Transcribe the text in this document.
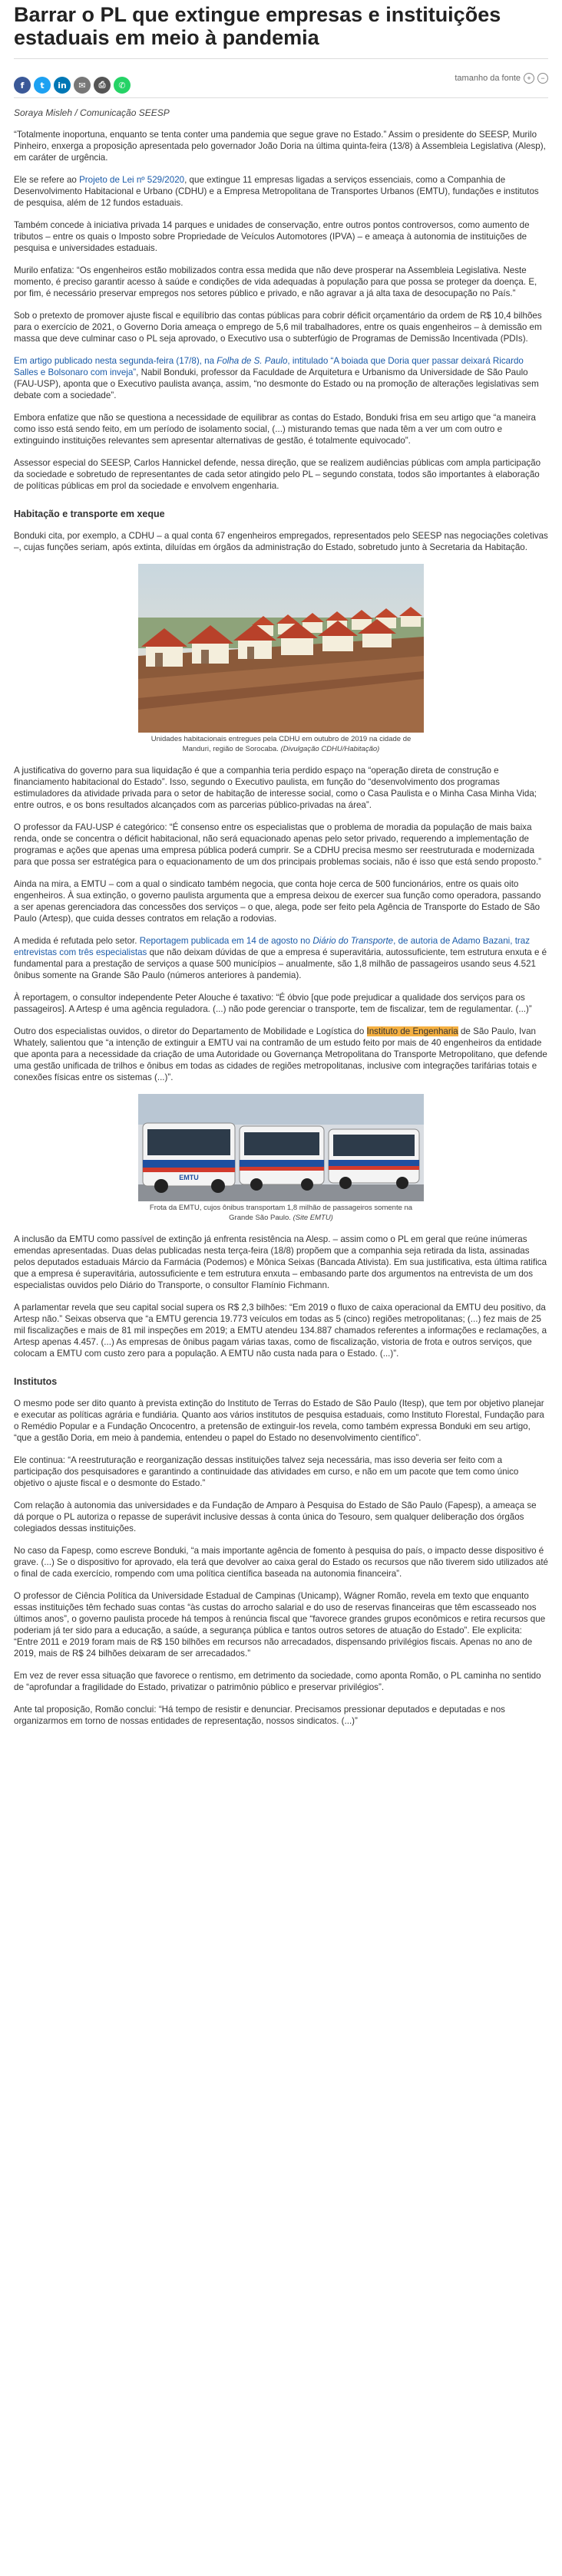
Barrar o PL que extingue empresas e instituições estaduais em meio à pandemia
f	t	in	✉	⎙	✆
tamanho da fonte +	−
Soraya Misleh / Comunicação SEESP

“Totalmente inoportuna, enquanto se tenta conter uma pandemia que segue grave no Estado.” Assim o presidente do SEESP, Murilo Pinheiro, enxerga a proposição apresentada pelo governador João Doria na última quinta-feira (13/8) à Assembleia Legislativa (Alesp), em caráter de urgência.

Ele se refere ao Projeto de Lei nº 529/2020, que extingue 11 empresas ligadas a serviços essenciais, como a Companhia de Desenvolvimento Habitacional e Urbano (CDHU) e a Empresa Metropolitana de Transportes Urbanos (EMTU), fundações e institutos de pesquisa, além de 12 fundos estaduais.

Também concede à iniciativa privada 14 parques e unidades de conservação, entre outros pontos controversos, como aumento de tributos – entre os quais o Imposto sobre Propriedade de Veículos Automotores (IPVA) – e ameaça à autonomia de instituições de pesquisa e universidades estaduais.

Murilo enfatiza: “Os engenheiros estão mobilizados contra essa medida que não deve prosperar na Assembleia Legislativa. Neste momento, é preciso garantir acesso à saúde e condições de vida adequadas à população para que possa se proteger da doença. E, por fim, é necessário preservar empregos nos setores público e privado, e não agravar a já alta taxa de desocupação no País.”

Sob o pretexto de promover ajuste fiscal e equilíbrio das contas públicas para cobrir déficit orçamentário da ordem de R$ 10,4 bilhões para o exercício de 2021, o Governo Doria ameaça o emprego de 5,6 mil trabalhadores, entre os quais engenheiros – à demissão em massa que deve culminar caso o PL seja aprovado, o Executivo usa o subterfúgio de Programas de Demissão Incentivada (PDIs).

Em artigo publicado nesta segunda-feira (17/8), na Folha de S. Paulo, intitulado “A boiada que Doria quer passar deixará Ricardo Salles e Bolsonaro com inveja”, Nabil Bonduki, professor da Faculdade de Arquitetura e Urbanismo da Universidade de São Paulo (FAU-USP), aponta que o Executivo paulista avança, assim, “no desmonte do Estado ou na promoção de alterações legislativas sem debate com a sociedade”.

Embora enfatize que não se questiona a necessidade de equilibrar as contas do Estado, Bonduki frisa em seu artigo que “a maneira como isso está sendo feito, em um período de isolamento social, (...) misturando temas que nada têm a ver um com outro e extinguindo instituições relevantes sem apresentar alternativas de gestão, é totalmente equivocado”.

Assessor especial do SEESP, Carlos Hannickel defende, nessa direção, que se realizem audiências públicas com ampla participação da sociedade e sobretudo de representantes de cada setor atingido pelo PL – segundo constata, todos são importantes à elaboração de políticas públicas em prol da sociedade e envolvem engenharia.

Habitação e transporte em xeque

Bonduki cita, por exemplo, a CDHU – a qual conta 67 engenheiros empregados, representados pelo SEESP nas negociações coletivas –, cujas funções seriam, após extinta, diluídas em órgãos da administração do Estado, sobretudo junto à Secretaria da Habitação.

Unidades habitacionais entregues pela CDHU em outubro de 2019 na cidade de Manduri, região de Sorocaba. (Divulgação CDHU/Habitação)

A justificativa do governo para sua liquidação é que a companhia teria perdido espaço na “operação direta de construção e financiamento habitacional do Estado”. Isso, segundo o Executivo paulista, em função do “desenvolvimento dos programas estimuladores da atividade privada para o setor de habitação de interesse social, como o Casa Paulista e o Minha Casa Minha Vida; entre outros, e os bons resultados alcançados com as parcerias público-privadas na área”.

O professor da FAU-USP é categórico: “É consenso entre os especialistas que o problema de moradia da população de mais baixa renda, onde se concentra o déficit habitacional, não será equacionado apenas pelo setor privado, requerendo a implementação de programas e ações que apenas uma empresa pública poderá cumprir. Se a CDHU precisa mesmo ser reestruturada e modernizada para que possa ser estratégica para o equacionamento de um dos principais problemas sociais, não é isso que está sendo proposto.”

Ainda na mira, a EMTU – com a qual o sindicato também negocia, que conta hoje cerca de 500 funcionários, entre os quais oito engenheiros. À sua extinção, o governo paulista argumenta que a empresa deixou de exercer sua função como operadora, passando a ser apenas gerenciadora das concessões dos serviços – o que, alega, pode ser feito pela Agência de Transporte do Estado de São Paulo (Artesp), que cuida desses contratos em relação a rodovias.

A medida é refutada pelo setor. Reportagem publicada em 14 de agosto no Diário do Transporte, de autoria de Adamo Bazani, traz entrevistas com três especialistas que não deixam dúvidas de que a empresa é superavitária, autossuficiente, tem estrutura enxuta e é fundamental para a prestação de serviços a quase 500 municípios – anualmente, são 1,8 milhão de passageiros usando seus 4.521 ônibus somente na Grande São Paulo (números anteriores à pandemia).

À reportagem, o consultor independente Peter Alouche é taxativo: “É óbvio [que pode prejudicar a qualidade dos serviços para os passageiros]. A Artesp é uma agência reguladora. (...) não pode gerenciar o transporte, tem de fiscalizar, tem de regulamentar. (...)”

Outro dos especialistas ouvidos, o diretor do Departamento de Mobilidade e Logística do Instituto de Engenharia de São Paulo, Ivan Whately, salientou que “a intenção de extinguir a EMTU vai na contramão de um estudo feito por mais de 40 engenheiros da entidade que aponta para a necessidade da criação de uma Autoridade ou Governança Metropolitana do Transporte Metropolitano, que defende uma gestão unificada de trilhos e ônibus em todas as cidades de regiões metropolitanas, inclusive com integrações tarifárias totais e conexões físicas entre os sistemas (...)”.

EMTU
Frota da EMTU, cujos ônibus transportam 1,8 milhão de passageiros somente na Grande São Paulo. (Site EMTU)

A inclusão da EMTU como passível de extinção já enfrenta resistência na Alesp. – assim como o PL em geral que reúne inúmeras emendas apresentadas. Duas delas publicadas nesta terça-feira (18/8) propõem que a companhia seja retirada da lista, assinadas pelos deputados estaduais Márcio da Farmácia (Podemos) e Mônica Seixas (Bancada Ativista). Em sua justificativa, esta última ratifica que a empresa é superavitária, autossuficiente e tem estrutura enxuta – embasando parte dos argumentos na entrevista de um dos especialistas ouvidos pelo Diário do Transporte, o consultor Flamínio Fichmann.

A parlamentar revela que seu capital social supera os R$ 2,3 bilhões: “Em 2019 o fluxo de caixa operacional da EMTU deu positivo, da Artesp não.” Seixas observa que “a EMTU gerencia 19.773 veículos em todas as 5 (cinco) regiões metropolitanas; (...) fez mais de 25 mil fiscalizações e mais de 81 mil inspeções em 2019; a EMTU atendeu 134.887 chamados referentes a informações e reclamações, a Artesp apenas 4.457. (...) As empresas de ônibus pagam várias taxas, como de fiscalização, vistoria de frota e outros serviços, que colocam a EMTU com custo zero para a população. A EMTU não custa nada para o Estado. (...)”.

Institutos

O mesmo pode ser dito quanto à prevista extinção do Instituto de Terras do Estado de São Paulo (Itesp), que tem por objetivo planejar e executar as políticas agrária e fundiária. Quanto aos vários institutos de pesquisa estaduais, como Instituto Florestal, Fundação para o Remédio Popular e a Fundação Oncocentro, a pretensão de extinguir-los revela, como também expressa Bonduki em seu artigo, “que a gestão Doria, em meio à pandemia, entendeu o papel do Estado no desenvolvimento científico”.

Ele continua: “A reestruturação e reorganização dessas instituições talvez seja necessária, mas isso deveria ser feito com a participação dos pesquisadores e garantindo a continuidade das atividades em curso, e não em um pacote que tem como único objetivo o ajuste fiscal e o desmonte do Estado.”

Com relação à autonomia das universidades e da Fundação de Amparo à Pesquisa do Estado de São Paulo (Fapesp), a ameaça se dá porque o PL autoriza o repasse de superávit inclusive dessas à conta única do Tesouro, sem qualquer deliberação dos órgãos colegiados dessas instituições.

No caso da Fapesp, como escreve Bonduki, “a mais importante agência de fomento à pesquisa do país, o impacto desse dispositivo é grave. (...) Se o dispositivo for aprovado, ela terá que devolver ao caixa geral do Estado os recursos que não tiverem sido utilizados até o final de cada exercício, rompendo com uma política científica baseada na autonomia financeira”.

O professor de Ciência Política da Universidade Estadual de Campinas (Unicamp), Wágner Romão, revela em texto que enquanto essas instituições têm fechado suas contas “às custas do arrocho salarial e do uso de reservas financeiras que têm escasseado nos últimos anos”, o governo paulista procede há tempos à renúncia fiscal que “favorece grandes grupos econômicos e retira recursos que poderiam já ter sido para a educação, a saúde, a segurança pública e tantos outros setores de atuação do Estado”. Ele explicita: “Entre 2011 e 2019 foram mais de R$ 150 bilhões em recursos não arrecadados, dispensando privilégios fiscais. Apenas no ano de 2019, mais de R$ 24 bilhões deixaram de ser arrecadados.”

Em vez de rever essa situação que favorece o rentismo, em detrimento da sociedade, como aponta Romão, o PL caminha no sentido de “aprofundar a fragilidade do Estado, privatizar o patrimônio público e preservar privilégios”.

Ante tal proposição, Romão conclui: “Há tempo de resistir e denunciar. Precisamos pressionar deputados e deputadas e nos organizarmos em torno de nossas entidades de representação, nossos sindicatos. (...)”
